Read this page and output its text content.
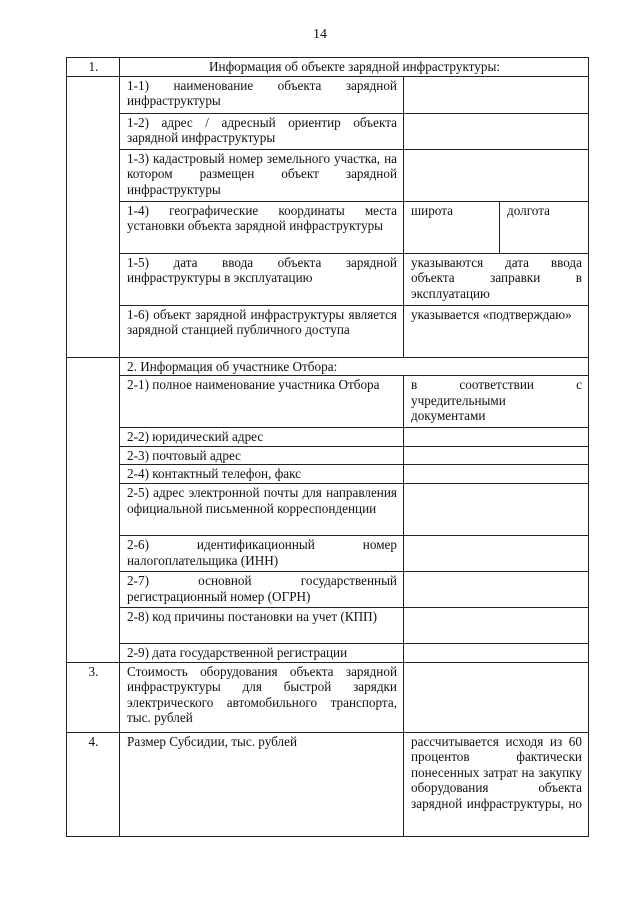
14
1.	Информация об объекте зарядной инфраструктуры:		
	1-1) наименование объекта зарядной инфраструктуры		
	1-2) адрес / адресный ориентир объекта зарядной инфраструктуры		
	1-3) кадастровый номер земельного участка, на котором размещен объект зарядной инфраструктуры		
	1-4) географические координаты места установки объекта зарядной инфраструктуры	широта	долгота
	1-5) дата ввода объекта зарядной инфраструктуры в эксплуатацию	указываются дата ввода объекта заправки в эксплуатацию	
	1-6) объект зарядной инфраструктуры является зарядной станцией публичного доступа	указывается «подтверждаю»	
	2. Информация об участнике Отбора:		
	2-1) полное наименование участника Отбора	в соответствии с учредительными документами	
	2-2) юридический адрес		
	2-3) почтовый адрес		
	2-4) контактный телефон, факс		
	2-5) адрес электронной почты для направления официальной письменной корреспонденции		
	2-6) идентификационный номер налогоплательщика (ИНН)		
	2-7) основной государственный регистрационный номер (ОГРН)		
	2-8) код причины постановки на учет (КПП)		
	2-9) дата государственной регистрации		
3.	Стоимость оборудования объекта зарядной инфраструктуры для быстрой зарядки электрического автомобильного транспорта, тыс. рублей		
4.	Размер Субсидии, тыс. рублей	рассчитывается исходя из 60 процентов фактически понесенных затрат на закупку оборудования объекта зарядной инфраструктуры, но	
